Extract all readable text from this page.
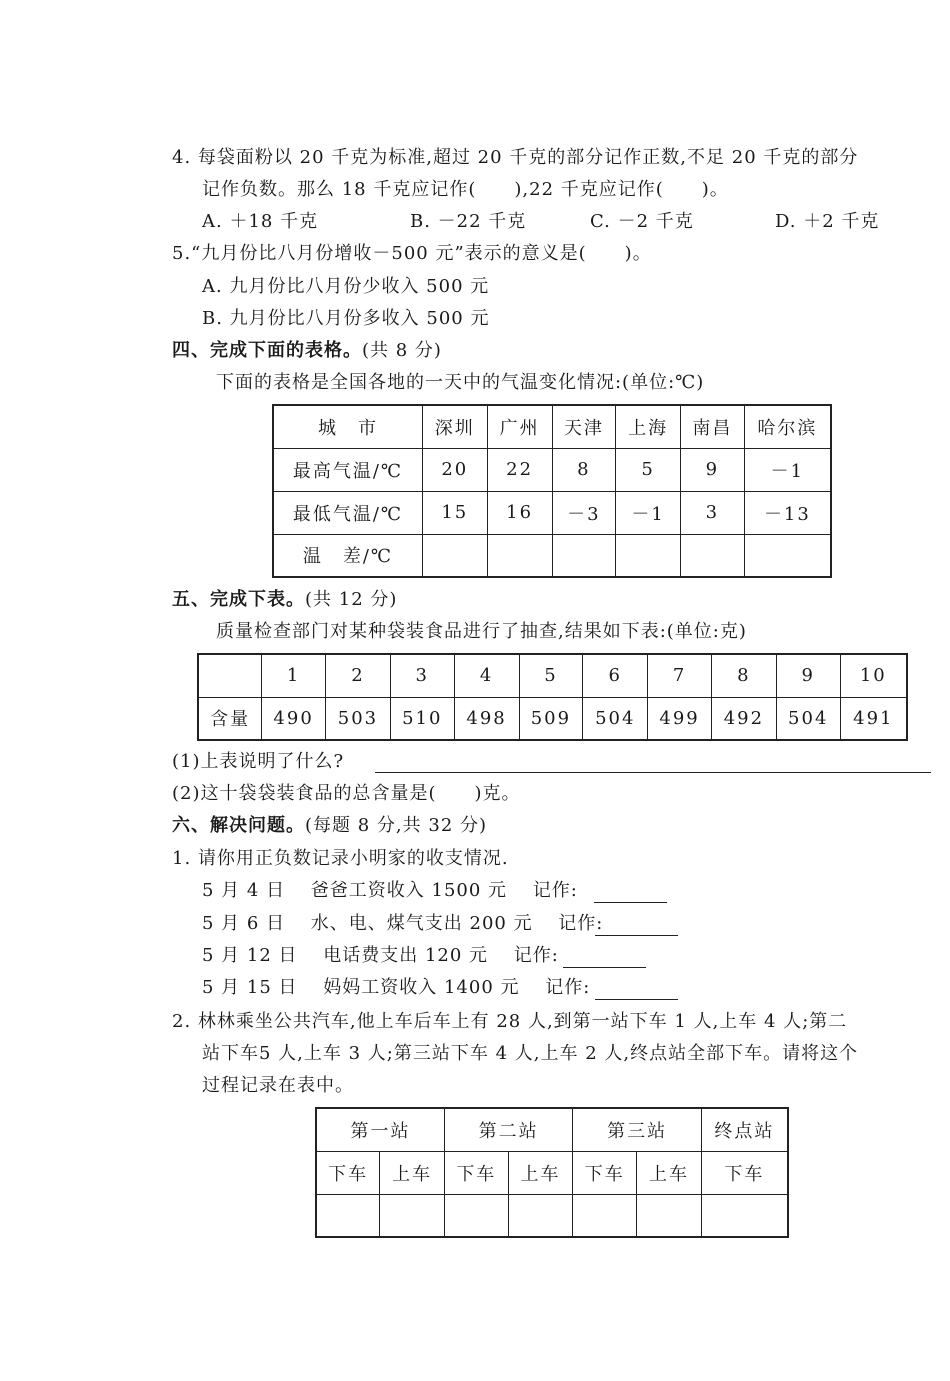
4. 每袋面粉以 20 千克为标准,超过 20 千克的部分记作正数,不足 20 千克的部分
记作负数。那么 18 千克应记作(　　),22 千克应记作(　　)。
A. ＋18 千克	B. －22 千克	C. －2 千克	D. ＋2 千克
5.“九月份比八月份增收－500 元”表示的意义是(　　)。
A. 九月份比八月份少收入 500 元
B. 九月份比八月份多收入 500 元
四、完成下面的表格。(共 8 分)
下面的表格是全国各地的一天中的气温变化情况:(单位:℃)
城　市	深圳	广州	天津	上海	南昌	哈尔滨
最高气温/℃	20	22	8	5	9	－1
最低气温/℃	15	16	－3	－1	3	－13
温　差/℃						
五、完成下表。(共 12 分)
质量检查部门对某种袋装食品进行了抽查,结果如下表:(单位:克)
	1	2	3	4	5	6	7	8	9	10
含量	490	503	510	498	509	504	499	492	504	491
(1)上表说明了什么?
(2)这十袋袋装食品的总含量是(　　)克。
六、解决问题。(每题 8 分,共 32 分)
1. 请你用正负数记录小明家的收支情况.
5 月 4 日　 爸爸工资收入 1500 元　 记作:
5 月 6 日　 水、电、煤气支出 200 元　 记作:
5 月 12 日　 电话费支出 120 元　 记作:
5 月 15 日　 妈妈工资收入 1400 元　 记作:
2. 林林乘坐公共汽车,他上车后车上有 28 人,到第一站下车 1 人,上车 4 人;第二
站下车5 人,上车 3 人;第三站下车 4 人,上车 2 人,终点站全部下车。请将这个
过程记录在表中。
第一站		第二站		第三站		终点站
下车	上车	下车	上车	下车	上车	下车
